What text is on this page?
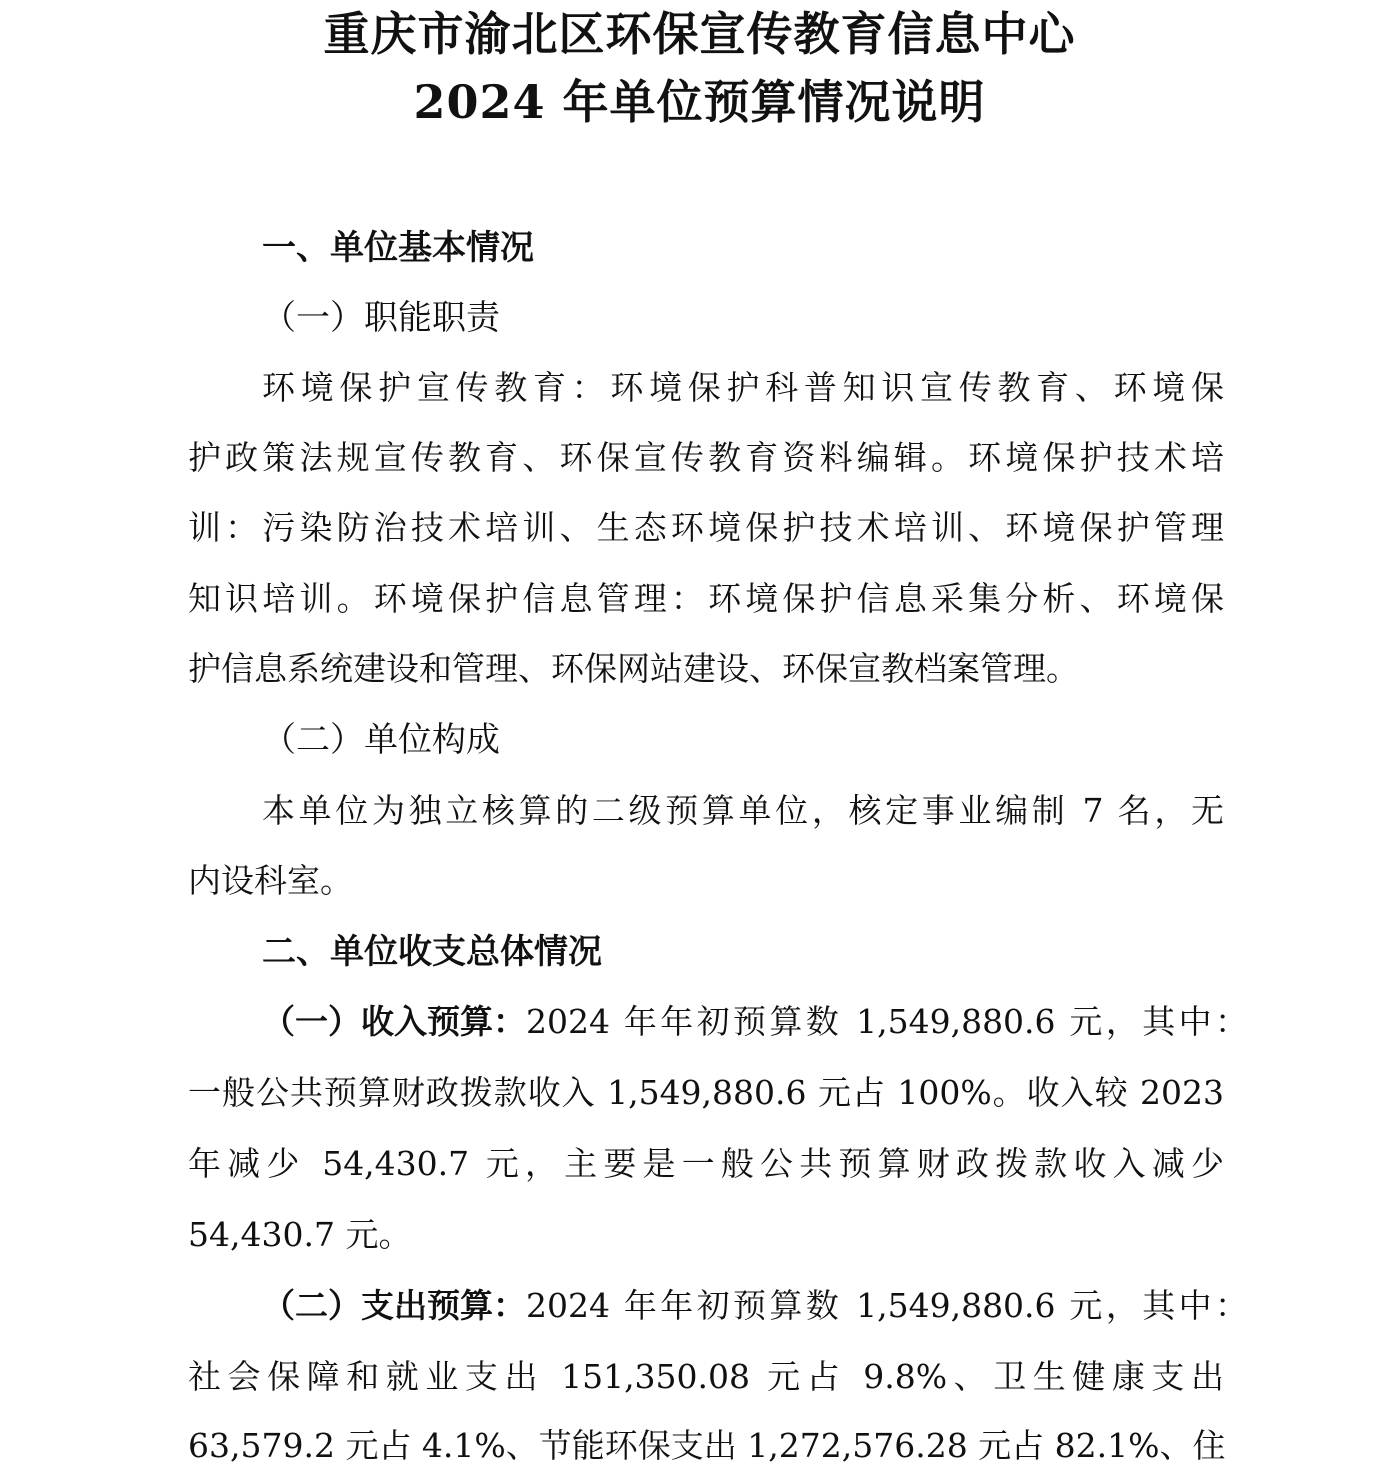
重庆市渝北区环保宣传教育信息中心
2024 年单位预算情况说明
一、单位基本情况
（一）职能职责
环境保护宣传教育：环境保护科普知识宣传教育、环境保
护政策法规宣传教育、环保宣传教育资料编辑。环境保护技术培
训：污染防治技术培训、生态环境保护技术培训、环境保护管理
知识培训。环境保护信息管理：环境保护信息采集分析、环境保
护信息系统建设和管理、环保网站建设、环保宣教档案管理。
（二）单位构成
本单位为独立核算的二级预算单位，核定事业编制 7 名，无
内设科室。
二、单位收支总体情况
（一）收入预算： 2024 年年初预算数 1,549,880.6 元，其中：
一般公共预算财政拨款收入 1,549,880.6 元占 100%。收入较 2023
年减少 54,430.7 元，主要是一般公共预算财政拨款收入减少
54,430.7 元。
（二）支出预算： 2024 年年初预算数 1,549,880.6 元，其中：
社会保障和就业支出 151,350.08 元占 9.8%、卫生健康支出
63,579.2 元占 4.1%、节能环保支出 1,272,576.28 元占 82.1%、住
